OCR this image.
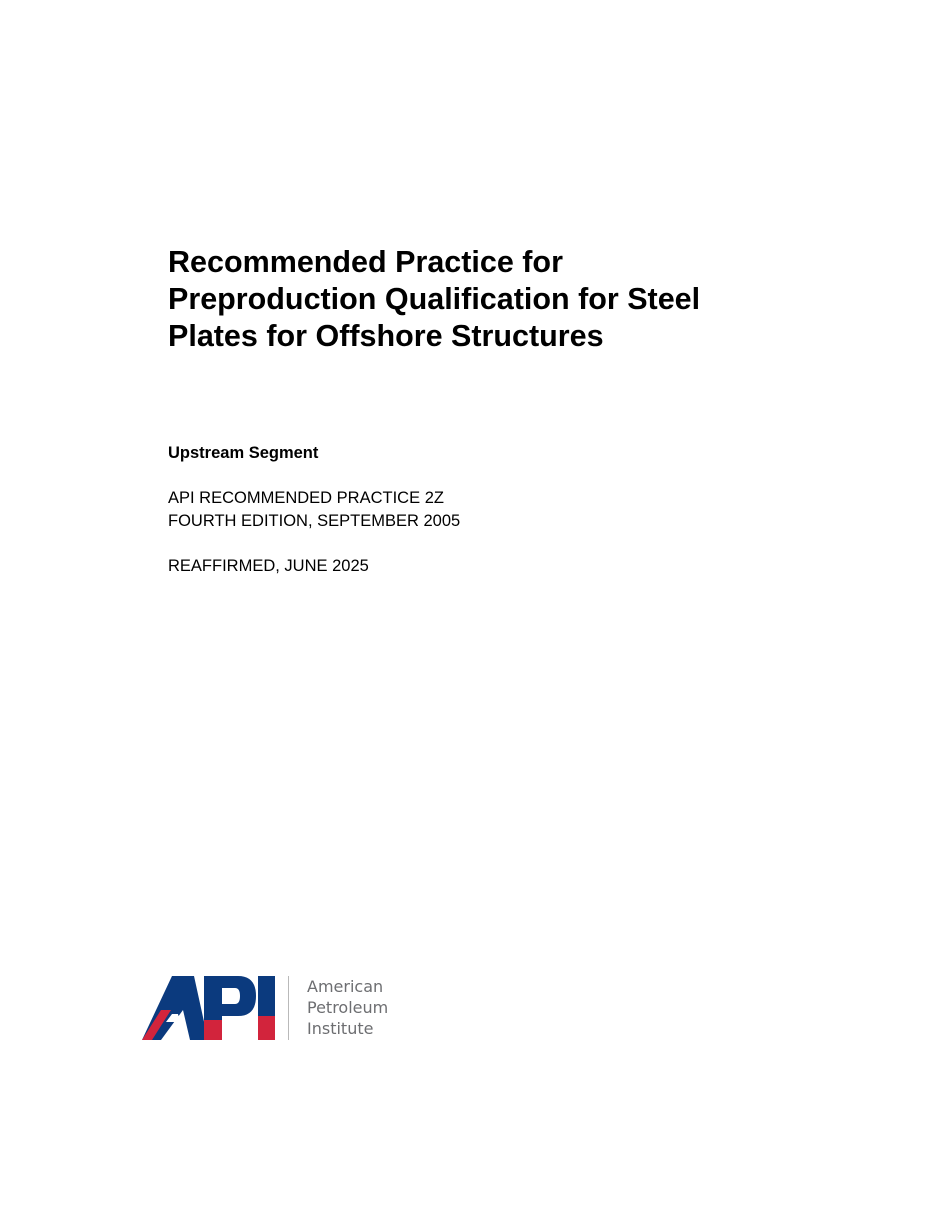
Recommended Practice for
Preproduction Qualification for Steel
Plates for Offshore Structures
Upstream Segment
API RECOMMENDED PRACTICE 2Z
FOURTH EDITION, SEPTEMBER 2005
REAFFIRMED, JUNE 2025
American
Petroleum
Institute
